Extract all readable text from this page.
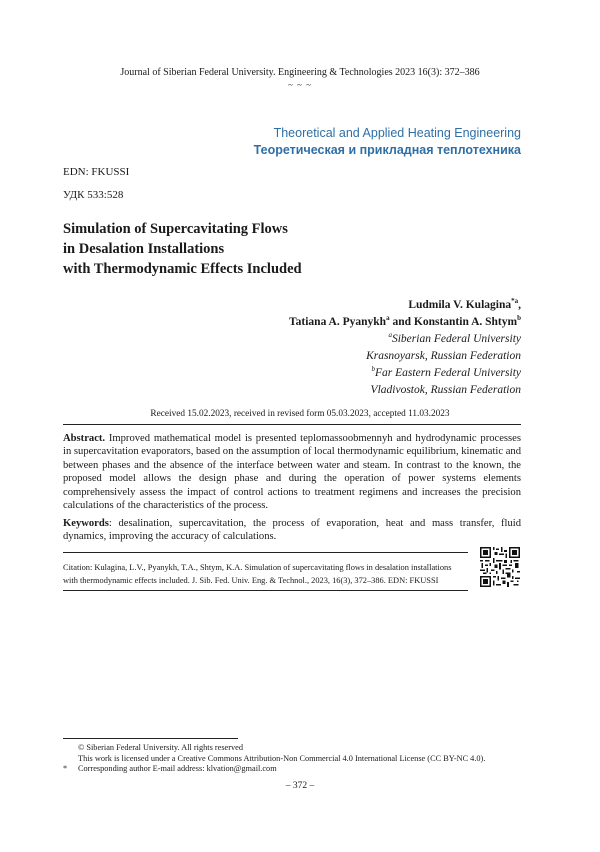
Journal of Siberian Federal University. Engineering & Technologies 2023 16(3): 372–386
~ ~ ~
Theoretical and Applied Heating Engineering
Теоретическая и прикладная теплотехника
EDN: FKUSSI
УДК 533:528
Simulation of Supercavitating Flows
in Desalation Installations
with Thermodynamic Effects Included
Ludmila V. Kulagina$^{*a}$,
Tatiana A. Pyanykh$^a$ and Konstantin A. Shtym$^b$
$^a$Siberian Federal University
Krasnoyarsk, Russian Federation
$^b$Far Eastern Federal University
Vladivostok, Russian Federation
Received 15.02.2023, received in revised form 05.03.2023, accepted 11.03.2023
Abstract. Improved mathematical model is presented teplomassoobmennyh and hydrodynamic processes in supercavitation evaporators, based on the assumption of local thermodynamic equilibrium, kinematic and between phases and the absence of the interface between water and steam. In contrast to the known, the proposed model allows the design phase and during the operation of power systems elements comprehensively assess the impact of control actions to treatment regimens and increases the precision calculations of the characteristics of the process.
Keywords: desalination, supercavitation, the process of evaporation, heat and mass transfer, fluid dynamics, improving the accuracy of calculations.
Citation: Kulagina, L.V., Pyanykh, T.A., Shtym, K.A. Simulation of supercavitating flows in desalation installations
with thermodynamic effects included. J. Sib. Fed. Univ. Eng. & Technol., 2023, 16(3), 372–386. EDN: FKUSSI
© Siberian Federal University. All rights reserved
This work is licensed under a Creative Commons Attribution-Non Commercial 4.0 International License (CC BY-NC 4.0).
*	Corresponding author E-mail address: klvation@gmail.com
– 372 –
